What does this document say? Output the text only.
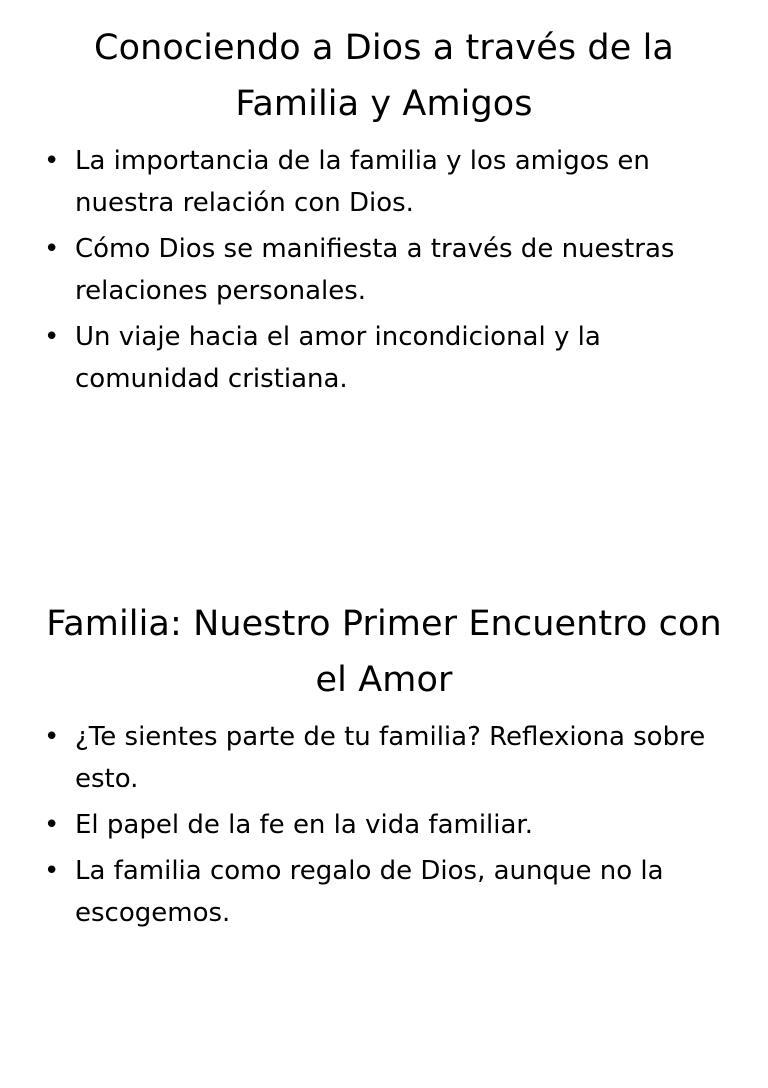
Conociendo a Dios a través de la Familia y Amigos
• La importancia de la familia y los amigos en nuestra relación con Dios.
• Cómo Dios se manifiesta a través de nuestras relaciones personales.
• Un viaje hacia el amor incondicional y la comunidad cristiana.
Familia: Nuestro Primer Encuentro con el Amor
• ¿Te sientes parte de tu familia? Reflexiona sobre esto.
• El papel de la fe en la vida familiar.
• La familia como regalo de Dios, aunque no la escogemos.
